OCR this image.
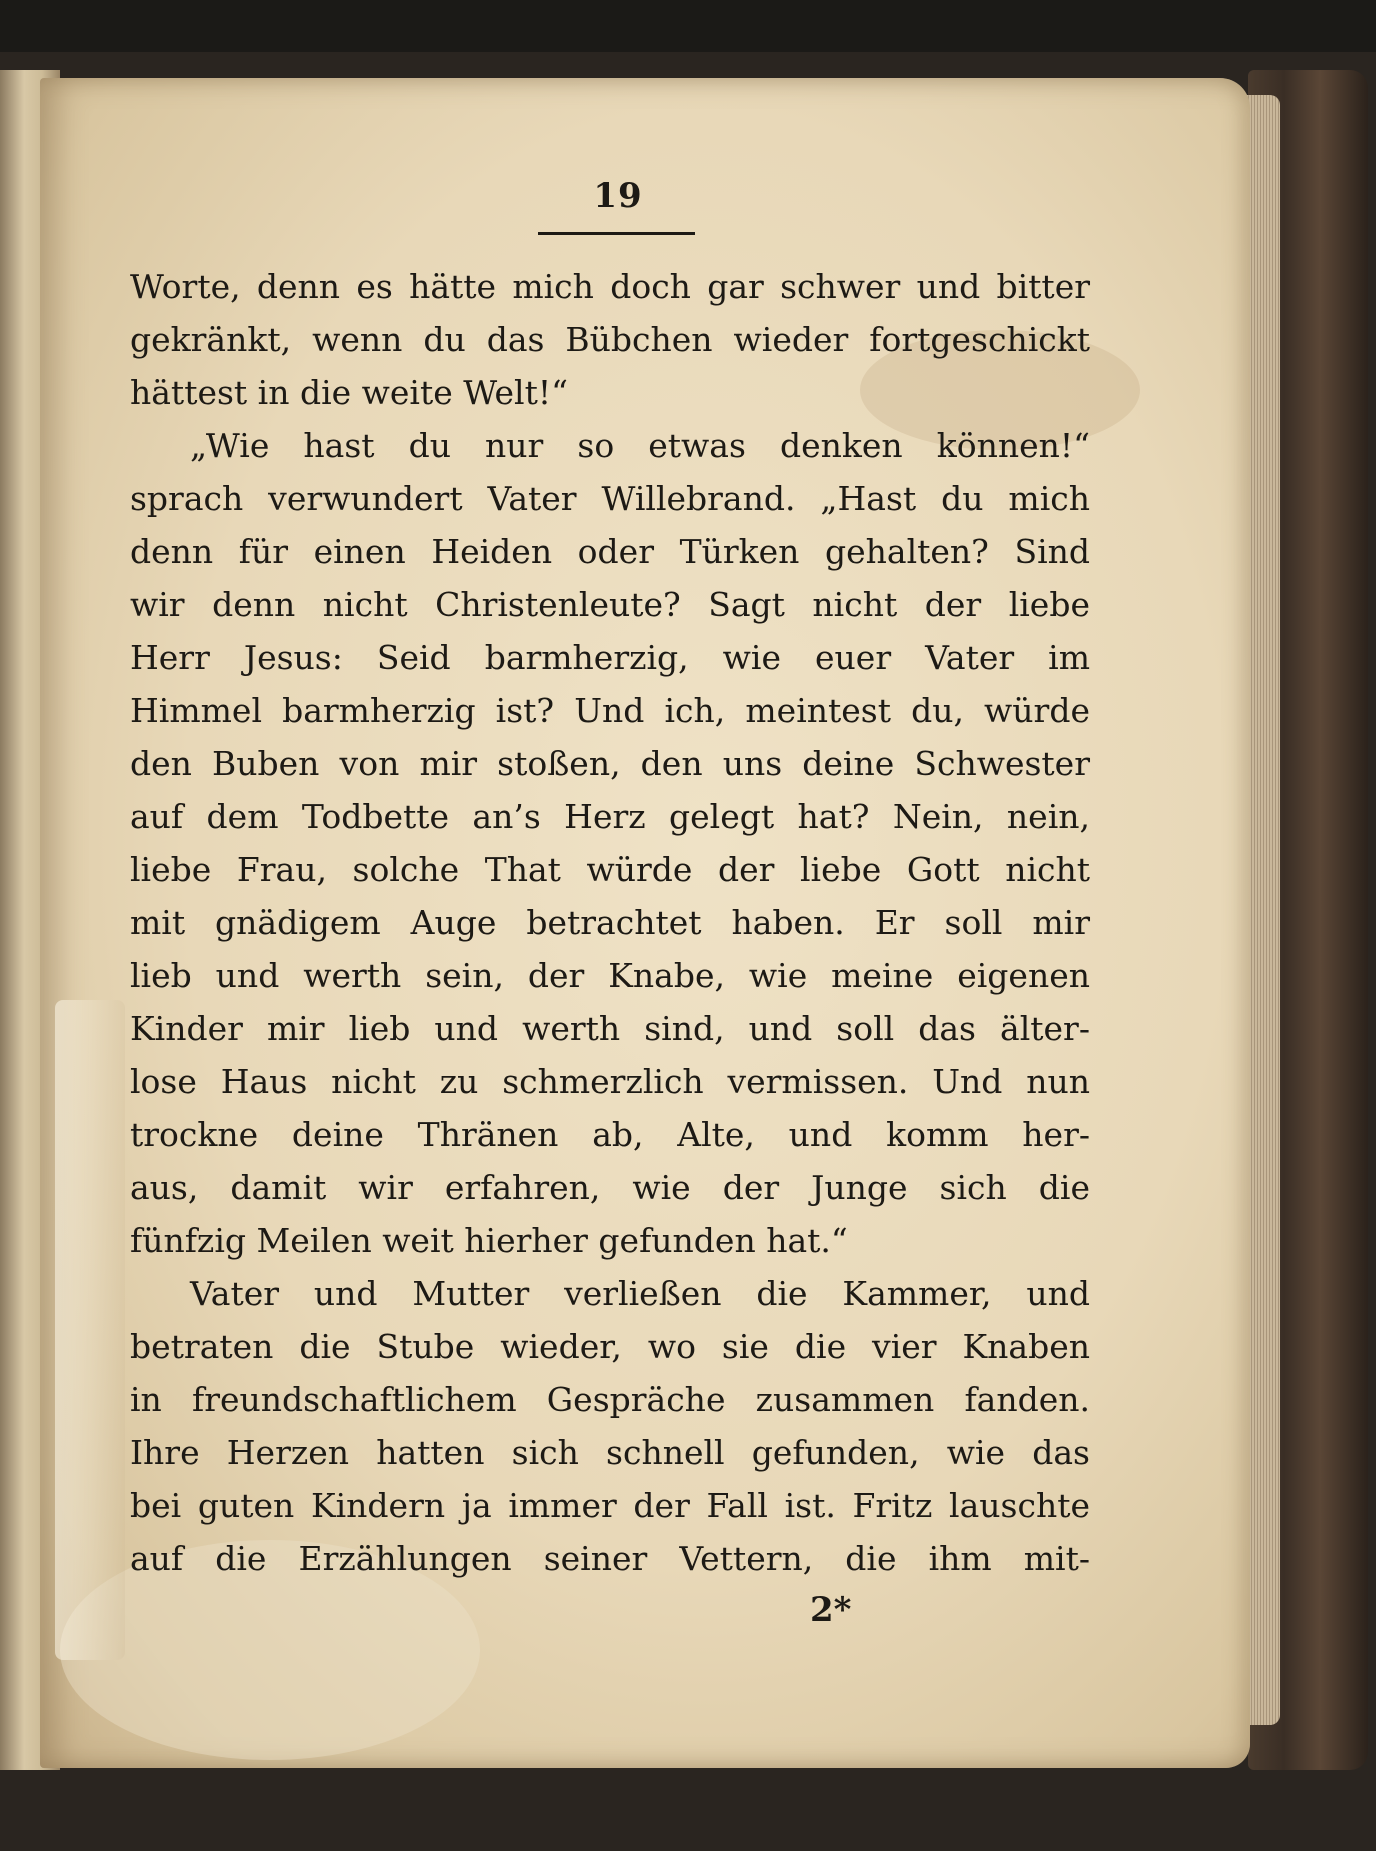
19
Worte, denn es hätte mich doch gar schwer und bitter
gekränkt, wenn du das Bübchen wieder fortgeschickt
hättest in die weite Welt!“
„Wie hast du nur so etwas denken können!“
sprach verwundert Vater Willebrand. „Hast du mich
denn für einen Heiden oder Türken gehalten? Sind
wir denn nicht Christenleute? Sagt nicht der liebe
Herr Jesus: Seid barmherzig, wie euer Vater im
Himmel barmherzig ist? Und ich, meintest du, würde
den Buben von mir stoßen, den uns deine Schwester
auf dem Todbette an’s Herz gelegt hat? Nein, nein,
liebe Frau, solche That würde der liebe Gott nicht
mit gnädigem Auge betrachtet haben. Er soll mir
lieb und werth sein, der Knabe, wie meine eigenen
Kinder mir lieb und werth sind, und soll das älter-
lose Haus nicht zu schmerzlich vermissen. Und nun
trockne deine Thränen ab, Alte, und komm her-
aus, damit wir erfahren, wie der Junge sich die
fünfzig Meilen weit hierher gefunden hat.“
Vater und Mutter verließen die Kammer, und
betraten die Stube wieder, wo sie die vier Knaben
in freundschaftlichem Gespräche zusammen fanden.
Ihre Herzen hatten sich schnell gefunden, wie das
bei guten Kindern ja immer der Fall ist. Fritz lauschte
auf die Erzählungen seiner Vettern, die ihm mit-
2*
